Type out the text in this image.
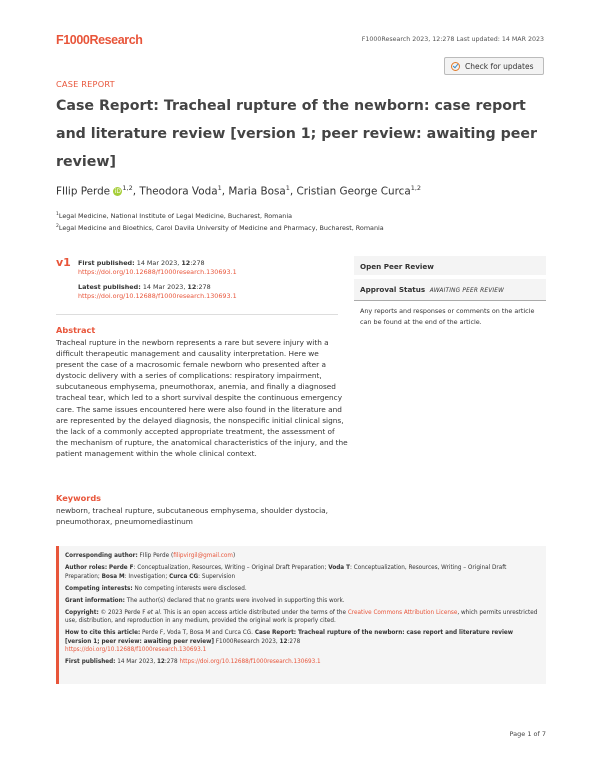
F1000Research	F1000Research 2023, 12:278 Last updated: 14 MAR 2023
CASE REPORT
Check for updates
Case Report: Tracheal rupture of the newborn: case report and literature review [version 1; peer review: awaiting peer review]
FIlip Perde iD$^{1,2}$, Theodora Voda$^1$, Maria Bosa$^1$, Cristian George Curca$^{1,2}$
$^1$Legal Medicine, National Institute of Legal Medicine, Bucharest, Romania
$^2$Legal Medicine and Bioethics, Carol Davila University of Medicine and Pharmacy, Bucharest, Romania
v1 First published: 14 Mar 2023, 12:278
https://doi.org/10.12688/f1000research.130693.1
Latest published: 14 Mar 2023, 12:278
https://doi.org/10.12688/f1000research.130693.1
Open Peer Review
Approval Status AWAITING PEER REVIEW
Any reports and responses or comments on the article can be found at the end of the article.
Abstract
Tracheal rupture in the newborn represents a rare but severe injury with a difficult therapeutic management and causality interpretation. Here we present the case of a macrosomic female newborn who presented after a dystocic delivery with a series of complications: respiratory impairment, subcutaneous emphysema, pneumothorax, anemia, and finally a diagnosed tracheal tear, which led to a short survival despite the continuous emergency care. The same issues encountered here were also found in the literature and are represented by the delayed diagnosis, the nonspecific initial clinical signs, the lack of a commonly accepted appropriate treatment, the assessment of the mechanism of rupture, the anatomical characteristics of the injury, and the patient management within the whole clinical context.
Keywords
newborn, tracheal rupture, subcutaneous emphysema, shoulder dystocia, pneumothorax, pneumomediastinum

Corresponding author: FIlip Perde (filipvirgil@gmail.com)

Author roles: Perde F: Conceptualization, Resources, Writing – Original Draft Preparation; Voda T: Conceptualization, Resources, Writing – Original Draft Preparation; Bosa M: Investigation; Curca CG: Supervision

Competing interests: No competing interests were disclosed.

Grant information: The author(s) declared that no grants were involved in supporting this work.

Copyright: © 2023 Perde F et al. This is an open access article distributed under the terms of the Creative Commons Attribution License, which permits unrestricted use, distribution, and reproduction in any medium, provided the original work is properly cited.

How to cite this article: Perde F, Voda T, Bosa M and Curca CG. Case Report: Tracheal rupture of the newborn: case report and literature review [version 1; peer review: awaiting peer review] F1000Research 2023, 12:278
https://doi.org/10.12688/f1000research.130693.1

First published: 14 Mar 2023, 12:278 https://doi.org/10.12688/f1000research.130693.1

Page 1 of 7
